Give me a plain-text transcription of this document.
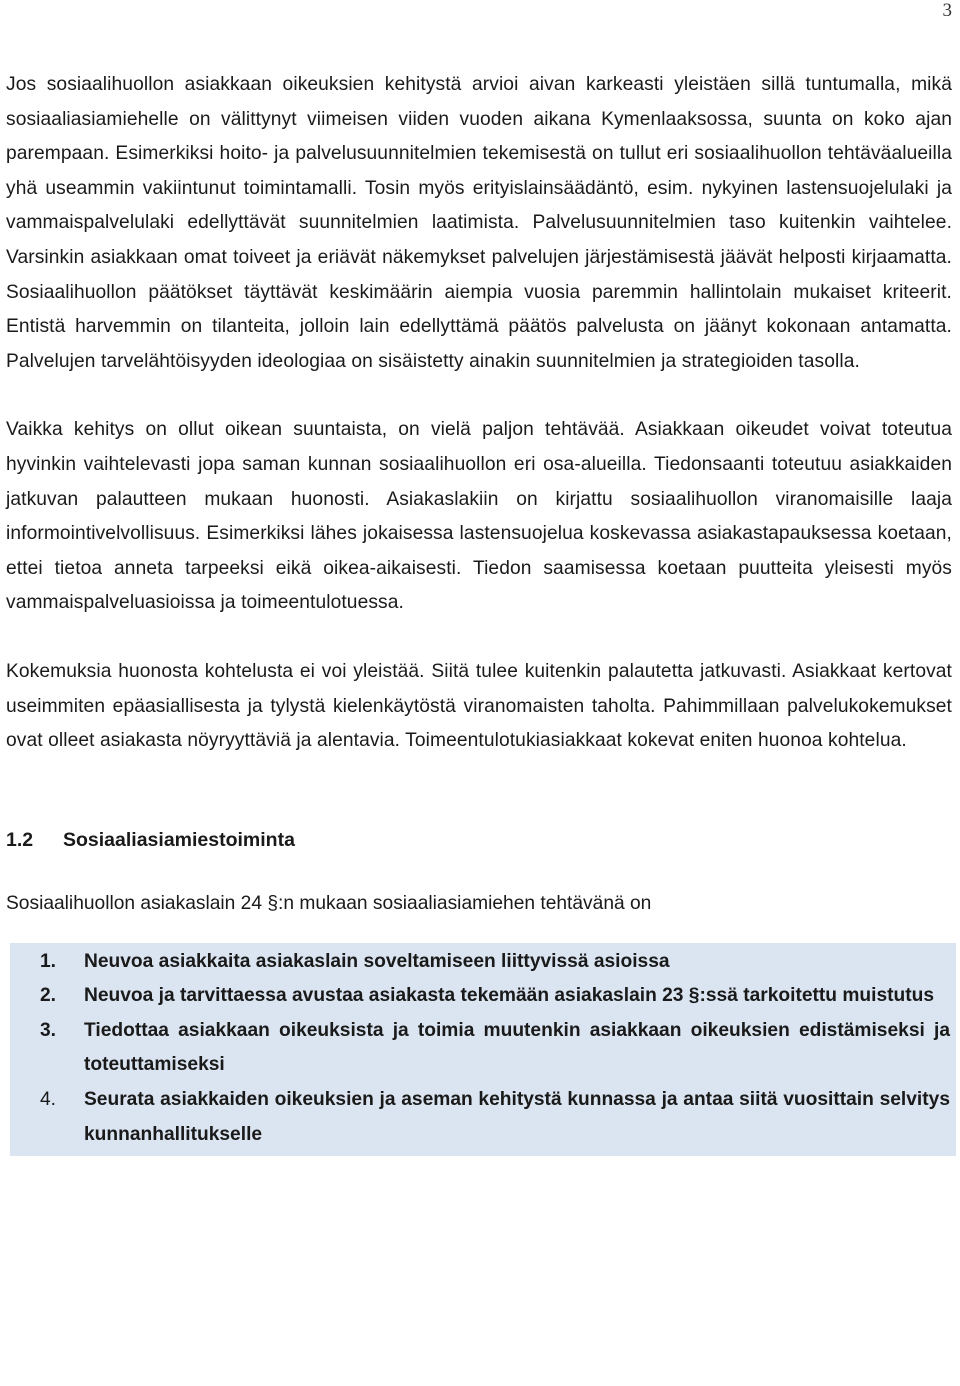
3

Jos sosiaalihuollon asiakkaan oikeuksien kehitystä arvioi aivan karkeasti yleistäen sillä tuntumalla, mikä sosiaaliasiamiehelle on välittynyt viimeisen viiden vuoden aikana Kymenlaaksossa, suunta on koko ajan parempaan. Esimerkiksi hoito- ja palvelusuunnitelmien tekemisestä on tullut eri sosiaalihuollon tehtäväalueilla yhä useammin vakiintunut toimintamalli. Tosin myös erityislainsäädäntö, esim. nykyinen lastensuojelulaki ja vammaispalvelulaki edellyttävät suunnitelmien laatimista. Palvelusuunnitelmien taso kuitenkin vaihtelee. Varsinkin asiakkaan omat toiveet ja eriävät näkemykset palvelujen järjestämisestä jäävät helposti kirjaamatta. Sosiaalihuollon päätökset täyttävät keskimäärin aiempia vuosia paremmin hallintolain mukaiset kriteerit. Entistä harvemmin on tilanteita, jolloin lain edellyttämä päätös palvelusta on jäänyt kokonaan antamatta. Palvelujen tarvelähtöisyyden ideologiaa on sisäistetty ainakin suunnitelmien ja strategioiden tasolla.

Vaikka kehitys on ollut oikean suuntaista, on vielä paljon tehtävää. Asiakkaan oikeudet voivat toteutua hyvinkin vaihtelevasti jopa saman kunnan sosiaalihuollon eri osa-alueilla. Tiedonsaanti toteutuu asiakkaiden jatkuvan palautteen mukaan huonosti. Asiakaslakiin on kirjattu sosiaalihuollon viranomaisille laaja informointivelvollisuus. Esimerkiksi lähes jokaisessa lastensuojelua koskevassa asiakastapauksessa koetaan, ettei tietoa anneta tarpeeksi eikä oikea-aikaisesti. Tiedon saamisessa koetaan puutteita yleisesti myös vammaispalveluasioissa ja toimeentulotuessa.

Kokemuksia huonosta kohtelusta ei voi yleistää. Siitä tulee kuitenkin palautetta jatkuvasti. Asiakkaat kertovat useimmiten epäasiallisesta ja tylystä kielenkäytöstä viranomaisten taholta. Pahimmillaan palvelukokemukset ovat olleet asiakasta nöyryyttäviä ja alentavia. Toimeentulotukiasiakkaat kokevat eniten huonoa kohtelua.

1.2	Sosiaaliasiamiestoiminta

Sosiaalihuollon asiakaslain 24 §:n mukaan sosiaaliasiamiehen tehtävänä on

1.	Neuvoa asiakkaita asiakaslain soveltamiseen liittyvissä asioissa
2.	Neuvoa ja tarvittaessa avustaa asiakasta tekemään asiakaslain 23 §:ssä tarkoitettu muistutus
3.	Tiedottaa asiakkaan oikeuksista ja toimia muutenkin asiakkaan oikeuksien edistämiseksi ja toteuttamiseksi
4.	Seurata asiakkaiden oikeuksien ja aseman kehitystä kunnassa ja antaa siitä vuosittain selvitys kunnanhallitukselle
